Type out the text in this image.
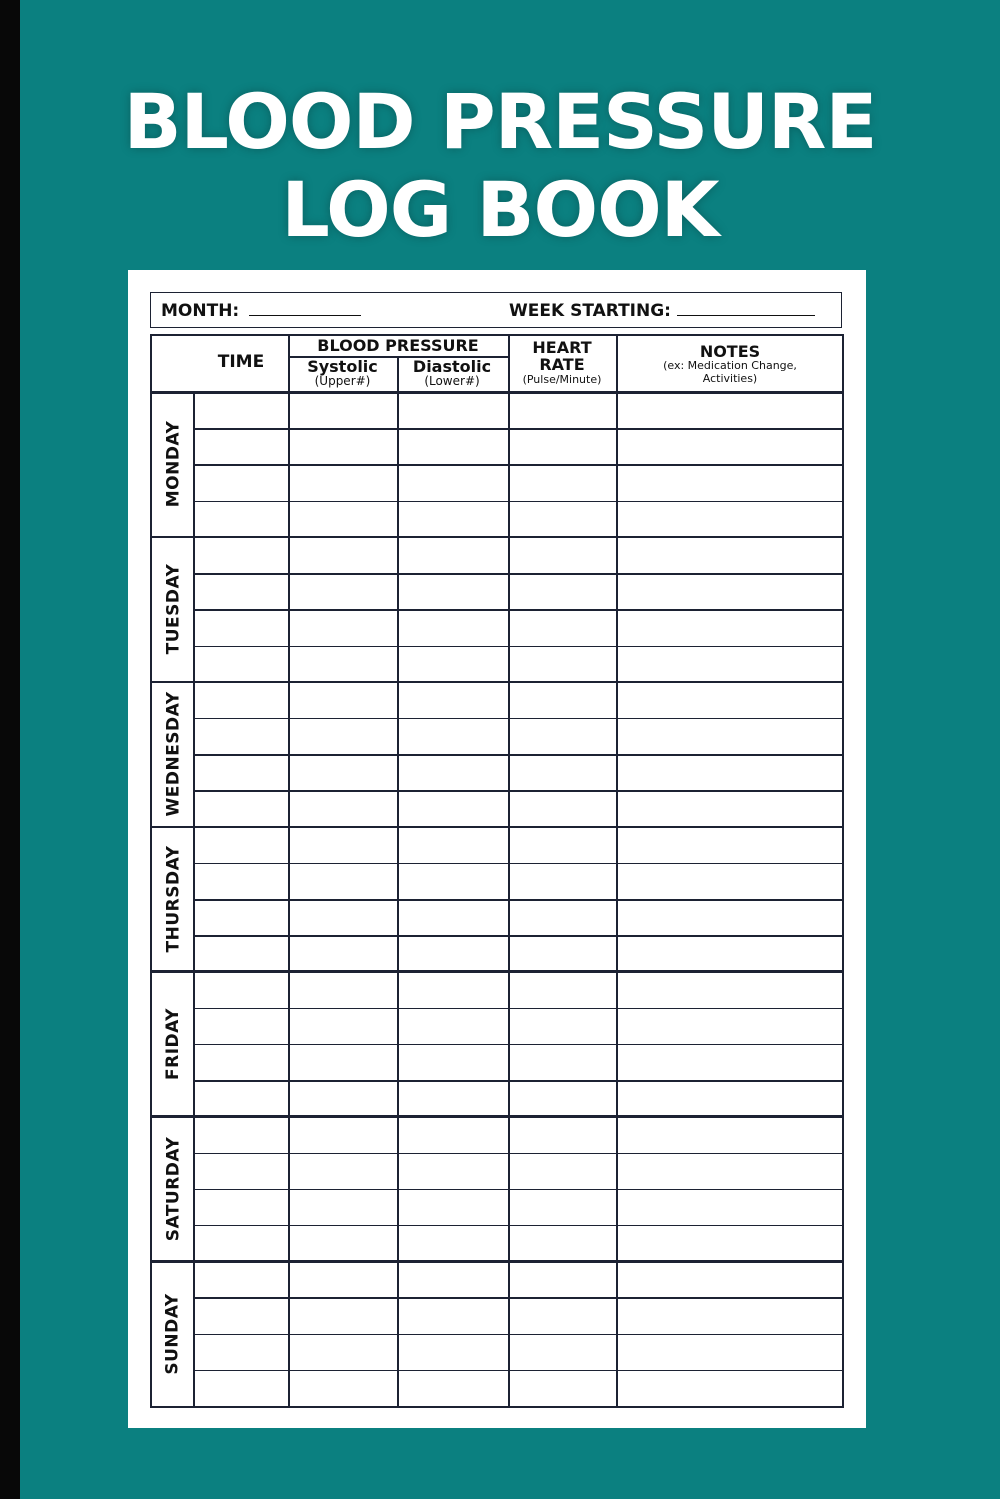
BLOOD PRESSURE
LOG BOOK
MONTH:	WEEK STARTING:
TIME
BLOOD PRESSURE
Systolic
(Upper#)
Diastolic
(Lower#)
HEART
RATE
(Pulse/Minute)
NOTES
(ex: Medication Change,
Activities)
MONDAY
TUESDAY
WEDNESDAY
THURSDAY
FRIDAY
SATURDAY
SUNDAY
